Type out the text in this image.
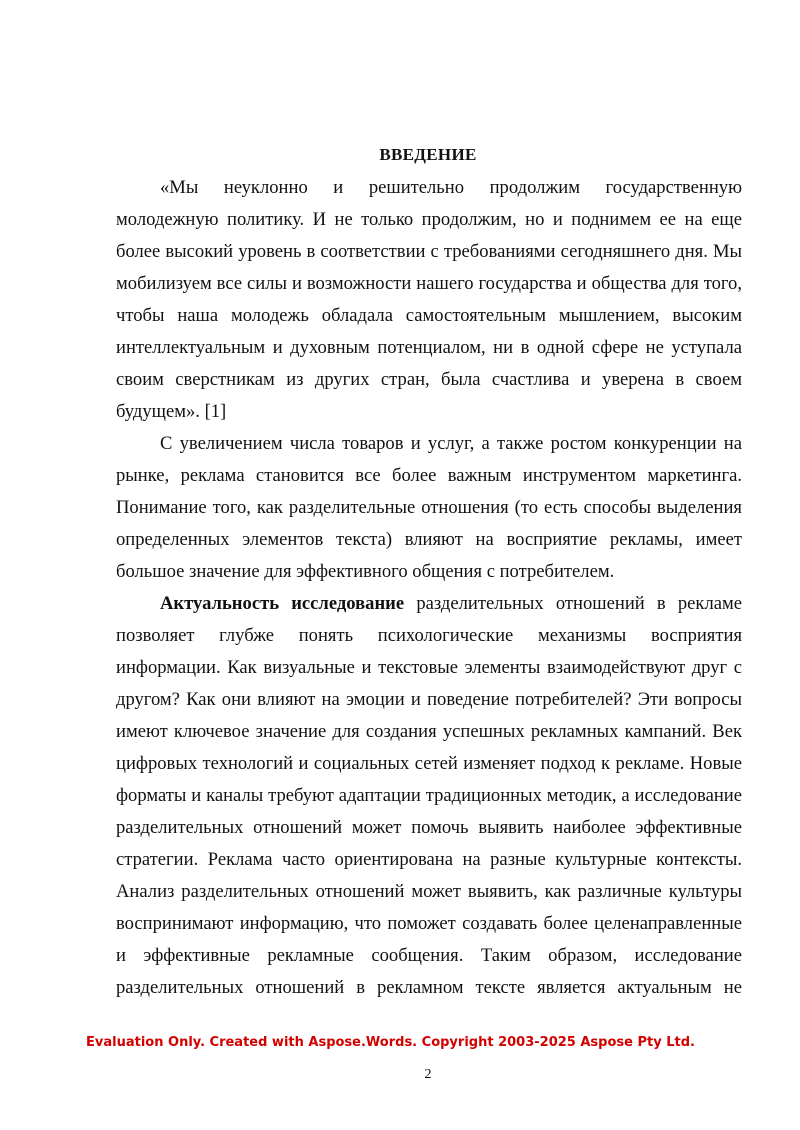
ВВЕДЕНИЕ
«Мы неуклонно и решительно продолжим государственную
молодежную политику. И не только продолжим, но и поднимем ее на еще
более высокий уровень в соответствии с требованиями сегодняшнего дня. Мы
мобилизуем все силы и возможности нашего государства и общества для того,
чтобы наша молодежь обладала самостоятельным мышлением, высоким
интеллектуальным и духовным потенциалом, ни в одной сфере не уступала
своим сверстникам из других стран, была счастлива и уверена в своем
будущем». [1]
С увеличением числа товаров и услуг, а также ростом конкуренции на
рынке, реклама становится все более важным инструментом маркетинга.
Понимание того, как разделительные отношения (то есть способы выделения
определенных элементов текста) влияют на восприятие рекламы, имеет
большое значение для эффективного общения с потребителем.
Актуальность исследование разделительных отношений в рекламе
позволяет глубже понять психологические механизмы восприятия
информации. Как визуальные и текстовые элементы взаимодействуют друг с
другом? Как они влияют на эмоции и поведение потребителей? Эти вопросы
имеют ключевое значение для создания успешных рекламных кампаний. Век
цифровых технологий и социальных сетей изменяет подход к рекламе. Новые
форматы и каналы требуют адаптации традиционных методик, а исследование
разделительных отношений может помочь выявить наиболее эффективные
стратегии. Реклама часто ориентирована на разные культурные контексты.
Анализ разделительных отношений может выявить, как различные культуры
воспринимают информацию, что поможет создавать более целенаправленные
и эффективные рекламные сообщения. Таким образом, исследование
разделительных отношений в рекламном тексте является актуальным не
Evaluation Only. Created with Aspose.Words. Copyright 2003-2025 Aspose Pty Ltd.
2
